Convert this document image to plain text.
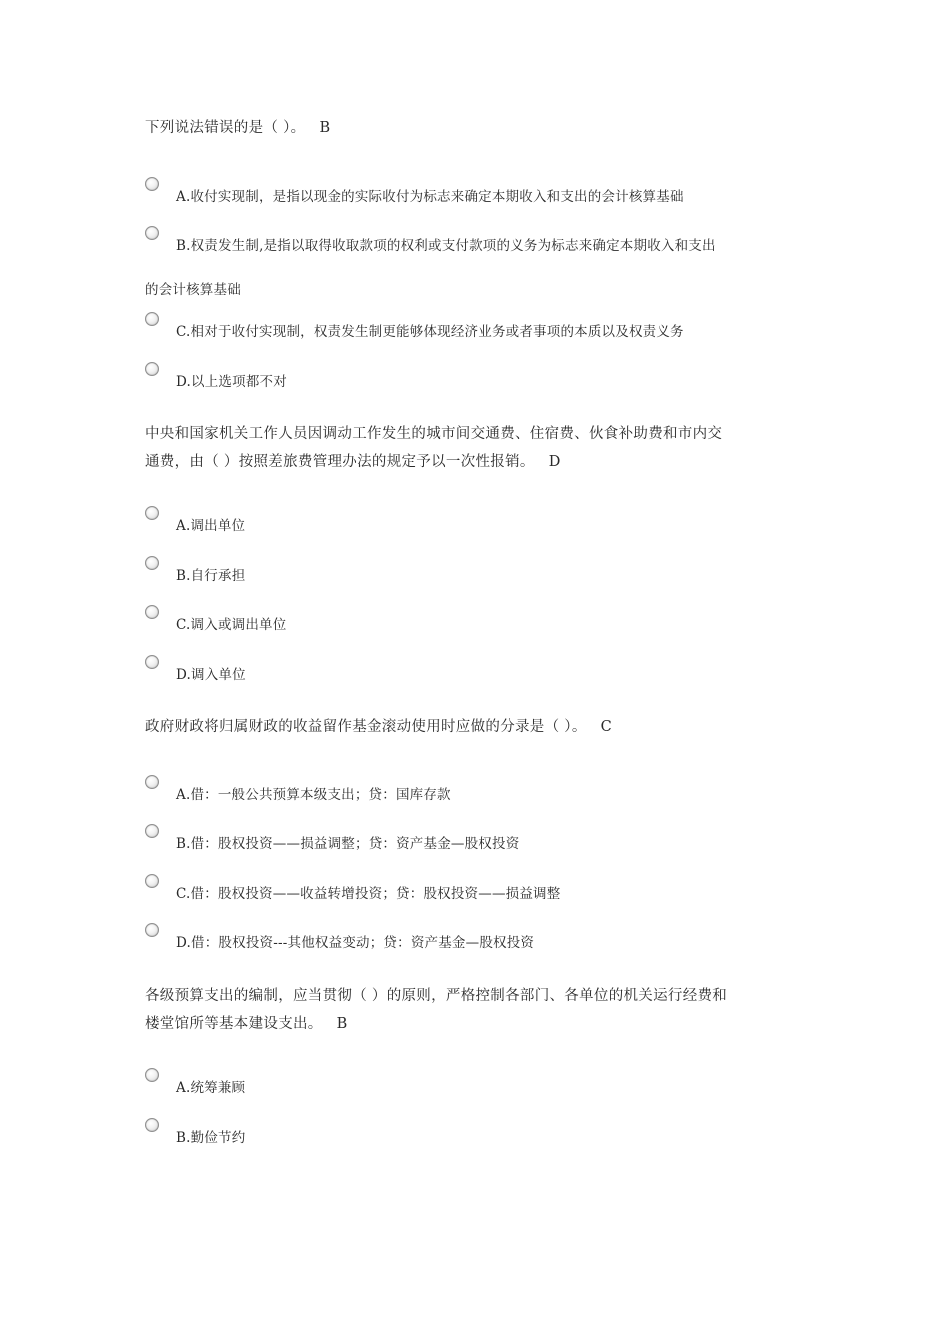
下列说法错误的是（ ）。 B
A.收付实现制，是指以现金的实际收付为标志来确定本期收入和支出的会计核算基础
B.权责发生制,是指以取得收取款项的权利或支付款项的义务为标志来确定本期收入和支出
的会计核算基础
C.相对于收付实现制，权责发生制更能够体现经济业务或者事项的本质以及权责义务
D.以上选项都不对
中央和国家机关工作人员因调动工作发生的城市间交通费、住宿费、伙食补助费和市内交
通费，由（ ）按照差旅费管理办法的规定予以一次性报销。 D
A.调出单位
B.自行承担
C.调入或调出单位
D.调入单位
政府财政将归属财政的收益留作基金滚动使用时应做的分录是（ ）。 C
A.借：一般公共预算本级支出；贷：国库存款
B.借：股权投资——损益调整；贷：资产基金—股权投资
C.借：股权投资——收益转增投资；贷：股权投资——损益调整
D.借：股权投资---其他权益变动；贷：资产基金—股权投资
各级预算支出的编制，应当贯彻（ ）的原则，严格控制各部门、各单位的机关运行经费和
楼堂馆所等基本建设支出。 B
A.统筹兼顾
B.勤俭节约
